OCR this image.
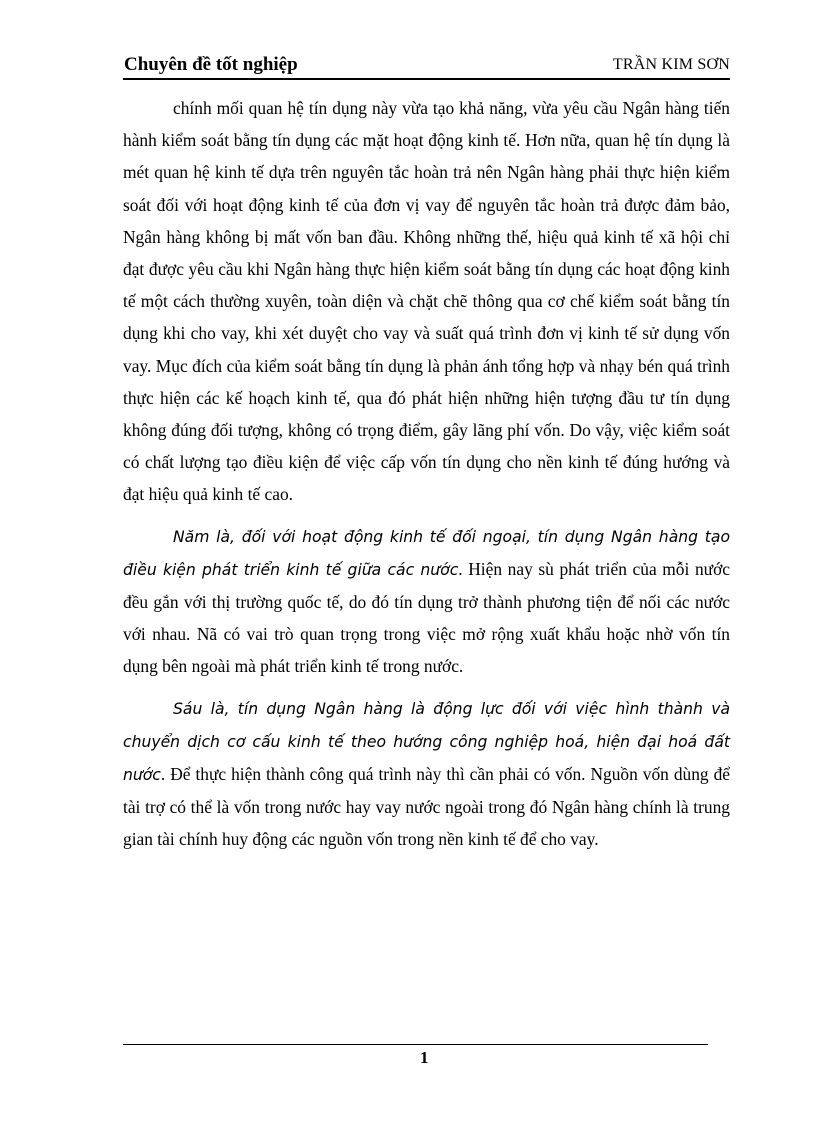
Chuyên đề tốt nghiệp	TRẦN KIM SƠN

chính mối quan hệ tín dụng này vừa tạo khả năng, vừa yêu cầu Ngân hàng tiến hành kiểm soát bằng tín dụng các mặt hoạt động kinh tế. Hơn nữa, quan hệ tín dụng là mét quan hệ kinh tế dựa trên nguyên tắc hoàn trả nên Ngân hàng phải thực hiện kiểm soát đối với hoạt động kinh tế của đơn vị vay để nguyên tắc hoàn trả được đảm bảo, Ngân hàng không bị mất vốn ban đầu. Không những thế, hiệu quả kinh tế xã hội chỉ đạt được yêu cầu khi Ngân hàng thực hiện kiểm soát bằng tín dụng các hoạt động kinh tế một cách thường xuyên, toàn diện và chặt chẽ thông qua cơ chế kiểm soát bằng tín dụng khi cho vay, khi xét duyệt cho vay và suất quá trình đơn vị kinh tế sử dụng vốn vay. Mục đích của kiểm soát bằng tín dụng là phản ánh tổng hợp và nhạy bén quá trình thực hiện các kế hoạch kinh tế, qua đó phát hiện những hiện tượng đầu tư tín dụng không đúng đối tượng, không có trọng điểm, gây lãng phí vốn. Do vậy, việc kiểm soát có chất lượng tạo điều kiện để việc cấp vốn tín dụng cho nền kinh tế đúng hướng và đạt hiệu quả kinh tế cao.

Năm là, đối với hoạt động kinh tế đối ngoại, tín dụng Ngân hàng tạo điều kiện phát triển kinh tế giữa các nước. Hiện nay sù phát triển của mỗi nước đều gắn với thị trường quốc tế, do đó tín dụng trở thành phương tiện để nối các nước với nhau. Nã có vai trò quan trọng trong việc mở rộng xuất khẩu hoặc nhờ vốn tín dụng bên ngoài mà phát triển kinh tế trong nước.

Sáu là, tín dụng Ngân hàng là động lực đối với việc hình thành và chuyển dịch cơ cấu kinh tế theo hướng công nghiệp hoá, hiện đại hoá đất nước. Để thực hiện thành công quá trình này thì cần phải có vốn. Nguồn vốn dùng để tài trợ có thể là vốn trong nước hay vay nước ngoài trong đó Ngân hàng chính là trung gian tài chính huy động các nguồn vốn trong nền kinh tế để cho vay.

1
